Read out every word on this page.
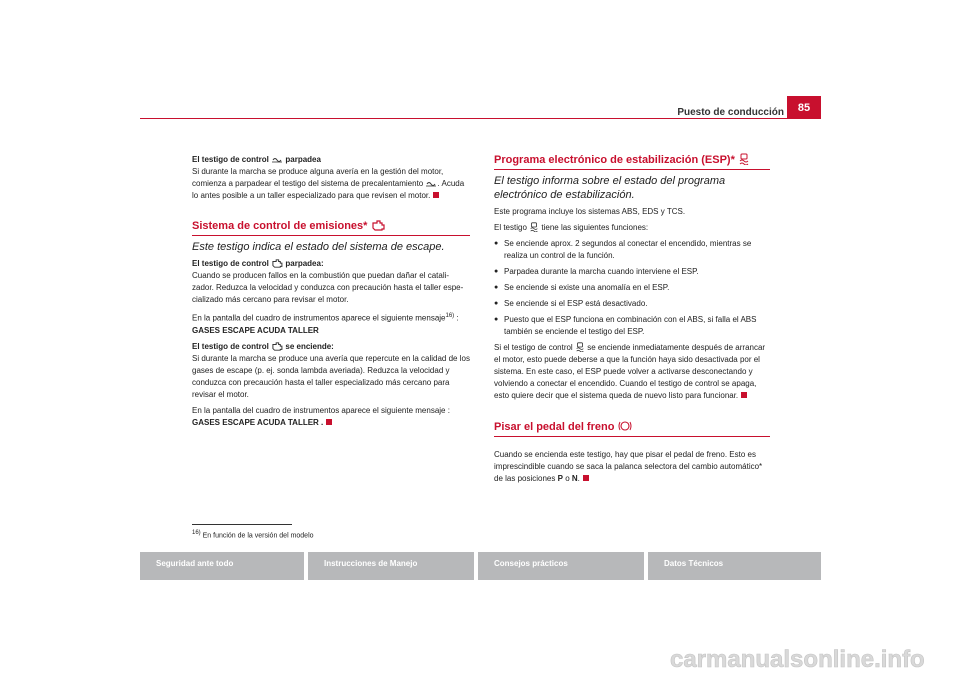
Puesto de conducción	85

El testigo de control parpadea

Si durante la marcha se produce alguna avería en la gestión del motor, comienza a parpadear el testigo del sistema de precalentamiento . Acuda lo antes posible a un taller especializado para que revisen el motor.

Sistema de control de emisiones*

Este testigo indica el estado del sistema de escape.

El testigo de control parpadea:

Cuando se producen fallos en la combustión que puedan dañar el catali-zador. Reduzca la velocidad y conduzca con precaución hasta el taller espe-cializado más cercano para revisar el motor.

En la pantalla del cuadro de instrumentos aparece el siguiente mensaje$^{16)}$ :

GASES ESCAPE ACUDA TALLER

El testigo de control se enciende:

Si durante la marcha se produce una avería que repercute en la calidad de los gases de escape (p. ej. sonda lambda averiada). Reduzca la velocidad y conduzca con precaución hasta el taller especializado más cercano para revisar el motor.

En la pantalla del cuadro de instrumentos aparece el siguiente mensaje :

GASES ESCAPE ACUDA TALLER .

Programa electrónico de estabilización (ESP)*

El testigo informa sobre el estado del programa electrónico de estabilización.

Este programa incluye los sistemas ABS, EDS y TCS.

El testigo tiene las siguientes funciones:

● Se enciende aprox. 2 segundos al conectar el encendido, mientras se realiza un control de la función.
● Parpadea durante la marcha cuando interviene el ESP.
● Se enciende si existe una anomalía en el ESP.
● Se enciende si el ESP está desactivado.
● Puesto que el ESP funciona en combinación con el ABS, si falla el ABS también se enciende el testigo del ESP.

Si el testigo de control se enciende inmediatamente después de arrancar el motor, esto puede deberse a que la función haya sido desactivada por el sistema. En este caso, el ESP puede volver a activarse desconectando y volviendo a conectar el encendido. Cuando el testigo de control se apaga, esto quiere decir que el sistema queda de nuevo listo para funcionar.

Pisar el pedal del freno

Cuando se encienda este testigo, hay que pisar el pedal de freno. Esto es imprescindible cuando se saca la palanca selectora del cambio automático* de las posiciones P o N.

16) En función de la versión del modelo
Seguridad ante todo	Instrucciones de Manejo	Consejos prácticos	Datos Técnicos
carmanualsonline.info
